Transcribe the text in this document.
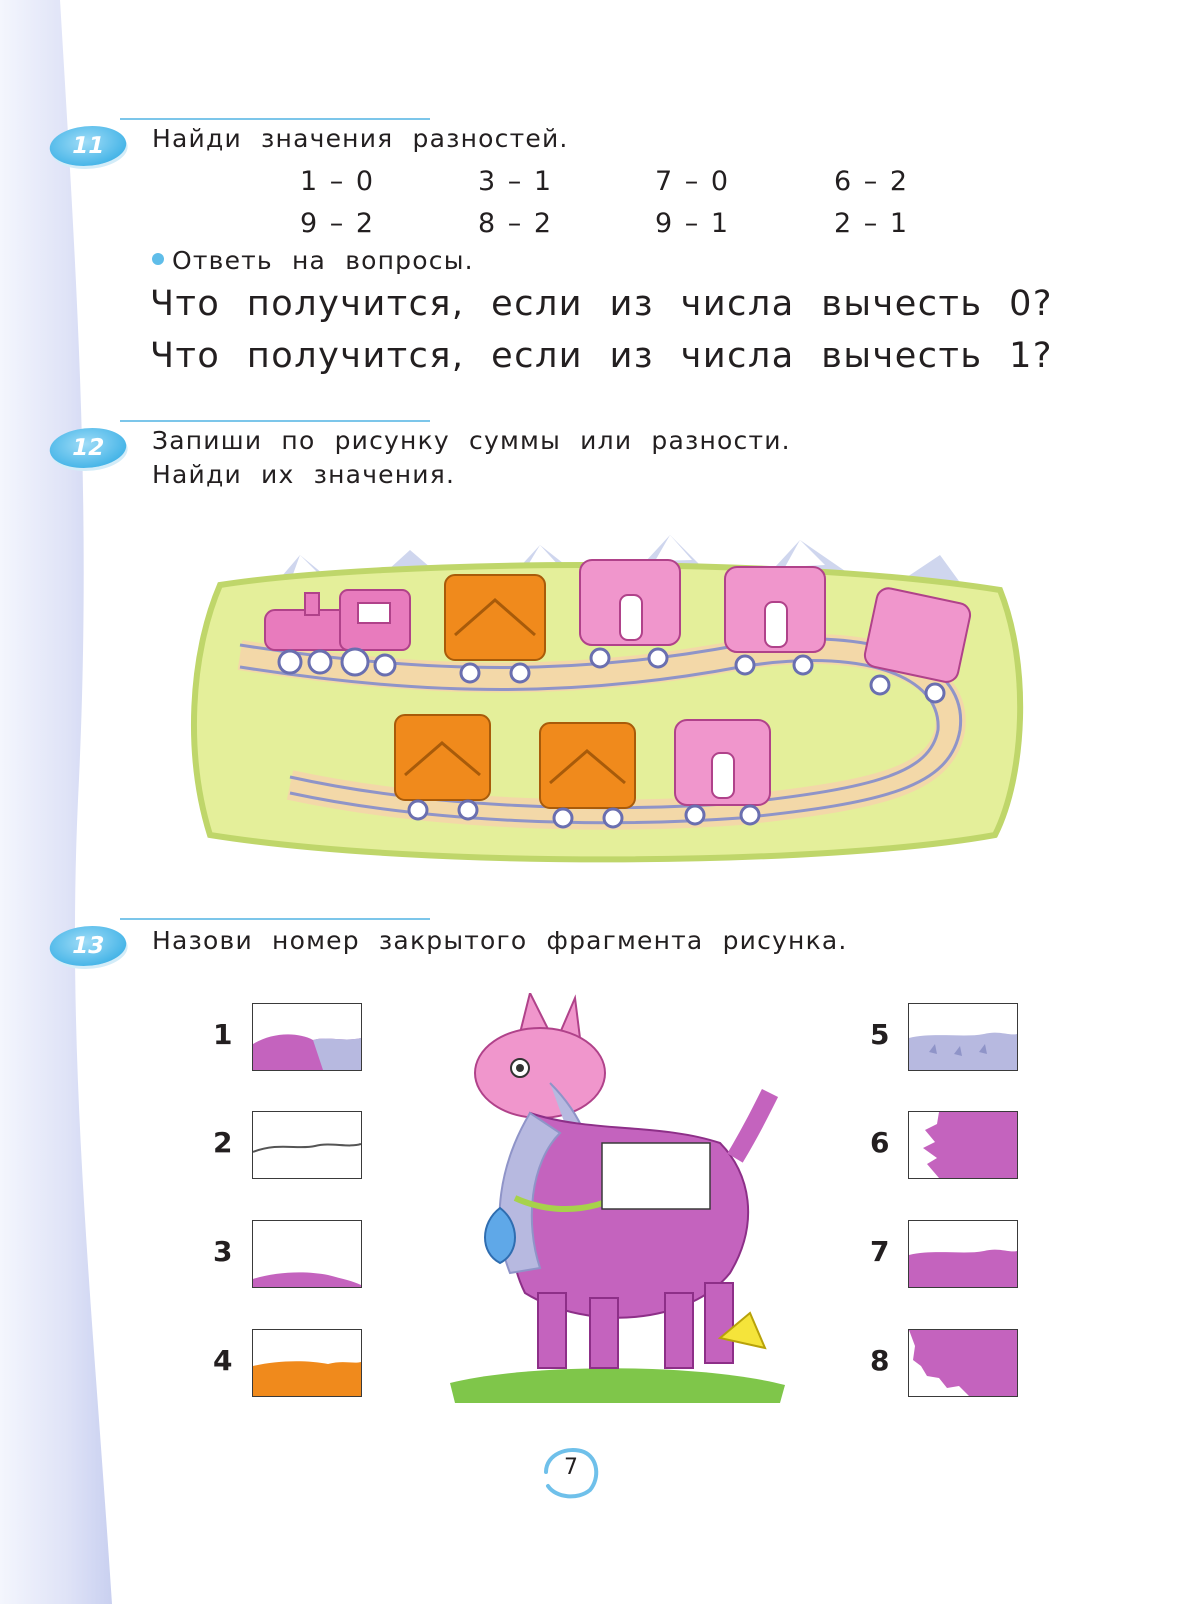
11 Найди значения разностей.
1 – 0	3 – 1	7 – 0	6 – 2
9 – 2	8 – 2	9 – 1	2 – 1
Ответь на вопросы.
Что получится, если из числа вычесть 0?
Что получится, если из числа вычесть 1?
12 Запиши по рисунку суммы или разности.
Найди их значения.
13 Назови номер закрытого фрагмента рисунка.
1
2
3
4
5
6
7
8
7
